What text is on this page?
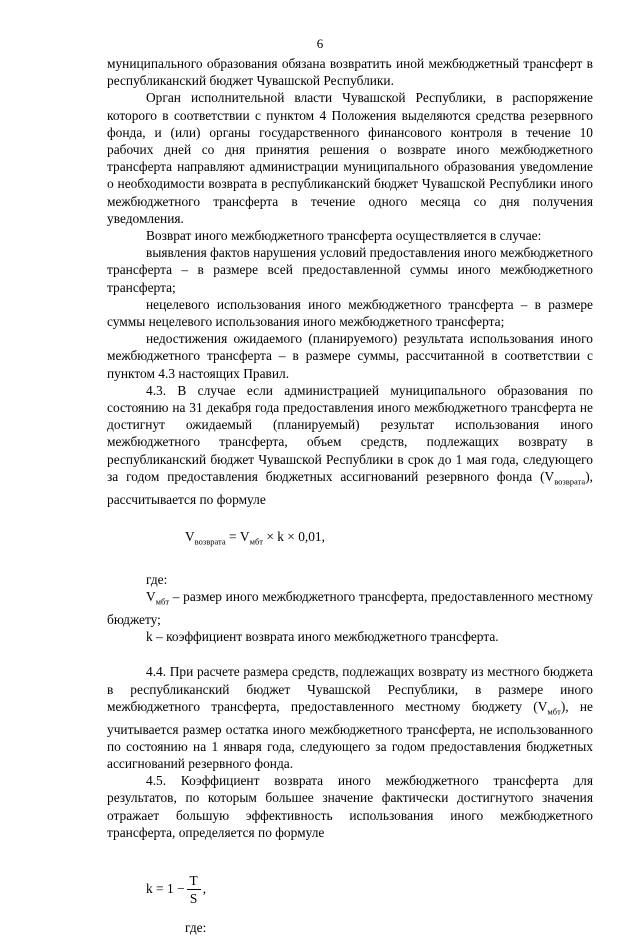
6

муниципального образования обязана возвратить иной межбюджетный трансферт в республиканский бюджет Чувашской Республики.

Орган исполнительной власти Чувашской Республики, в распоряжение которого в соответствии с пунктом 4 Положения выделяются средства резервного фонда, и (или) органы государственного финансового контроля в течение 10 рабочих дней со дня принятия решения о возврате иного межбюджетного трансферта направляют администрации муниципального образования уведомление о необходимости возврата в республиканский бюджет Чувашской Республики иного межбюджетного трансферта в течение одного месяца со дня получения уведомления.

Возврат иного межбюджетного трансферта осуществляется в случае:

выявления фактов нарушения условий предоставления иного межбюджетного трансферта – в размере всей предоставленной суммы иного межбюджетного трансферта;

нецелевого использования иного межбюджетного трансферта – в размере суммы нецелевого использования иного межбюджетного трансферта;

недостижения ожидаемого (планируемого) результата использования иного межбюджетного трансферта – в размере суммы, рассчитанной в соответствии с пунктом 4.3 настоящих Правил.

4.3. В случае если администрацией муниципального образования по состоянию на 31 декабря года предоставления иного межбюджетного трансферта не достигнут ожидаемый (планируемый) результат использования иного межбюджетного трансферта, объем средств, подлежащих возврату в республиканский бюджет Чувашской Республики в срок до 1 мая года, следующего за годом предоставления бюджетных ассигнований резервного фонда $(V_{возврата})$, рассчитывается по формуле

$V_{возврата} = V_{мбт} \times k \times 0,01$,

где:

$V_{мбт}$ – размер иного межбюджетного трансферта, предоставленного местному бюджету;

k – коэффициент возврата иного межбюджетного трансферта.

4.4. При расчете размера средств, подлежащих возврату из местного бюджета в республиканский бюджет Чувашской Республики, в размере иного межбюджетного трансферта, предоставленного местному бюджету $(V_{мбт})$, не учитывается размер остатка иного межбюджетного трансферта, не использованного по состоянию на 1 января года, следующего за годом предоставления бюджетных ассигнований резервного фонда.

4.5. Коэффициент возврата иного межбюджетного трансферта для результатов, по которым большее значение фактически достигнутого значения отражает большую эффективность использования иного межбюджетного трансферта, определяется по формуле

$k = 1 - \frac{T}{S}$ ,

где:
